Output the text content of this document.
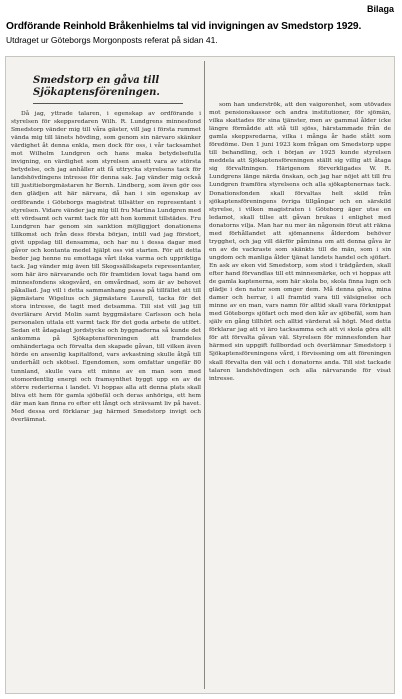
Bilaga
Ordförande Reinhold Bråkenhielms tal vid invigningen av Smedstorp 1929.
Utdraget ur Göteborgs Morgonposts referat på sidan 41.
Smedstorp en gåva till
Sjökaptensföreningen.

Då jag, yttrade talaren, i egenskap av ordförande i styrelsen för skeppsredaren Wilh. R. Lundgrens minnesfond Smedstorp vänder mig till våra gäster, vill jag i första rummet vända mig till länets hövding, som genom sin närvaro skänker värdighet åt denna enkla, men dock för oss, i vår tacksamhet mot Wilhelm Lundgren och hans maka betydelsefulla invigning, en värdighet som styrelsen ansett vara av största betydelse, och jag anhåller att få uttrycka styrelsens tack för landshövdingens intresse för denna sak. Jag vänder mig också till justitieborgmästaren hr Bernh. Lindberg, som även gör oss den glädjen att här närvara, då han i sin egenskap av ordförande i Göteborgs magistrat tillsätter en representant i styrelsen. Vidare vänder jag mig till fru Martina Lundgren med ett vördsamt och varmt tack för att hon kommit tillstädes. Fru Lundgren har genom sin sanktion möjliggjort donationens tillkomst och från dess första början, intill vad jag förstort, givit uppslag till densamma, och har nu i dessa dagar med gåvor och kontanta medel hjälpt oss vid starten. För att detta beder jag henne nu emottaga vårt ilska varma och uppriktiga tack. Jag vänder mig även till Skogssällskapets representanter, som här äro närvarande och för framtiden lovat taga hand om minnesfondens skogsvård, en omvårdnad, som är av behovet påkallad. Jag vill i detta sammanhang passa på tillfället att till jägmästare Wigelius och jägmästare Laurell, tacka för det stora intresse, de tagit med detsamma. Till sist vill jag till överlärare Arvid Molin samt byggmästare Carlsson och hela personalen uttala ett varmt tack för det goda arbete de utfört. Sedan ett ådagalagt jordstycke och byggnaderna så kunde det ankomma på Sjökaptensföreningen att framdeles omhändertaga och förvalta den skapade gåvan, till vilken även hörde en ansenlig kapitalfond, vars avkastning skulle åtgå till underhåll och skötsel. Egendomen, som omfattar ungefär 80 tunnland, skulle vara ett minne av en man som med utomordentlig energi och framsynthet byggt upp en av de större rederierna i landet. Vi hoppas alla att denna plats skall bliva ett hem för gamla sjöbefäl och deras anhöriga, ett hem där man kan finna ro efter ett långt och strävsamt liv på havet. Med dessa ord förklarar jag härmed Smedstorp invigt och överlämnat.

som han underströk, att den vaigorenhet, som utövades mot pensionskassor och andra institutioner, för sjömän, vilka skattades för sina tjänster, men av gammal ålder icke längre förmådde att stå till sjöss, härstammade från de gamla skeppsredarna, vilka i många år hade stått som föredöme. Den 1 juni 1923 kom frågan om Smedstorp uppe till behandling, och i början av 1925 kunde styrelsen meddela att Sjökaptensföreningen ställt sig villig att åtaga sig förvaltningen. Härigenom förverkligades W. R. Lundgrens länge närda önskan, och jag har nöjet att till fru Lundgren framföra styrelsens och alla sjökaptenernas tack. Donationsfonden skall förvaltas helt skild från sjökaptensföreningens övriga tillgångar och en särskild styrelse, i vilken magistraten i Göteborg äger utse en ledamot, skall tillse att gåvan brukas i enlighet med donatorns vilja. Man har nu mer än någonsin förut att räkna med förhållandet att sjömannens ålderdom behöver trygghet, och jag vill därför påminna om att denna gåva är en av de vackraste som skänkts till de män, som i sin ungdom och manliga ålder tjänat landets handel och sjöfart. En ask av eken vid Smedstorp, som stod i trädgården, skall efter hand förvandlas till ett minnesmärke, och vi hoppas att de gamla kaptenerna, som här skola bo, skola finna lugn och glädje i den natur som omger dem. Må denna gåva, mina damer och herrar, i all framtid vara till välsignelse och minne av en man, vars namn för alltid skall vara förknippat med Göteborgs sjöfart och med den kår av sjöbefäl, som han själv en gång tillhört och alltid värderat så högt. Med detta förklarar jag att vi äro tacksamma och att vi skola göra allt för att förvalta gåvan väl. Styrelsen för minnesfonden har härmed sin uppgift fullbordad och överlämnar Smedstorp i Sjökaptensföreningens vård, i förvissning om att föreningen skall förvalta den väl och i donatorns anda. Till sist tackade talaren landshövdingen och alla närvarande för visat intresse.
